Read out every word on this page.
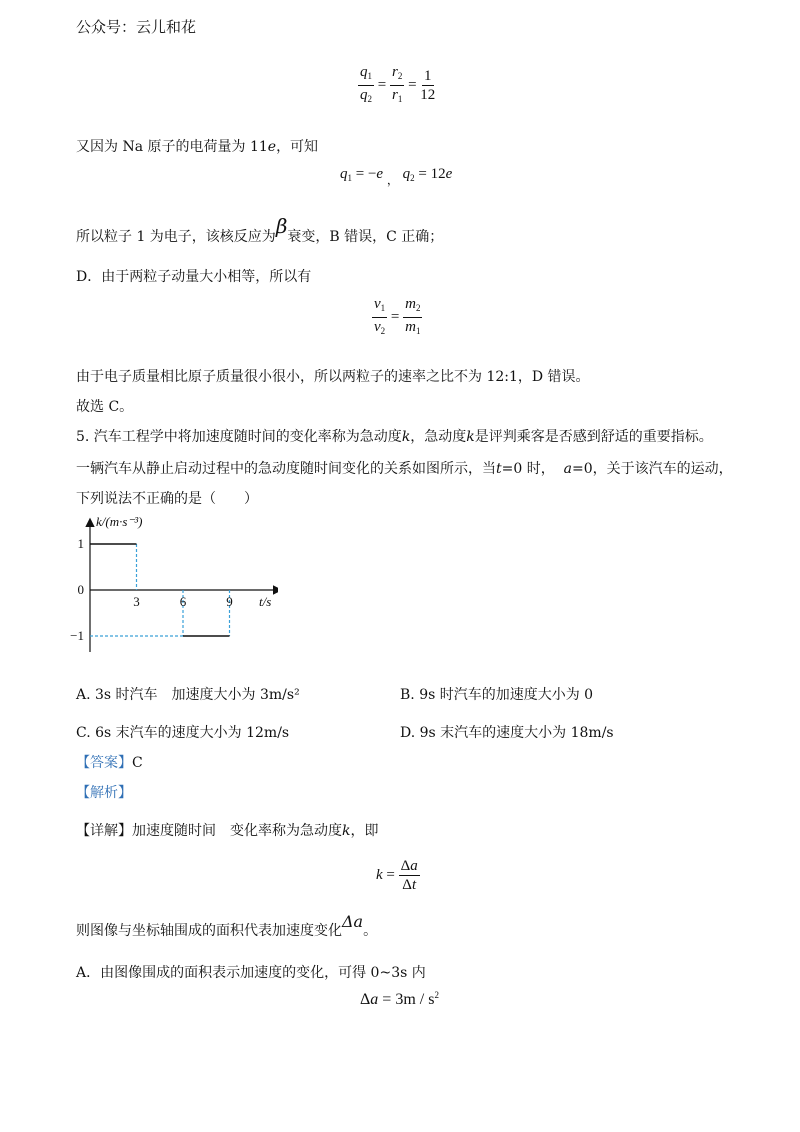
公众号：云儿和花
$\frac{q_1}{q_2} = \frac{r_2}{r_1} = \frac{1}{12}$
又因为 Na 原子的电荷量为 11e，可知
$q_1 = -e$ $_,$ $q_2 = 12e$
所以粒子 1 为电子，该核反应为β衰变，B 错误，C 正确；
D．由于两粒子动量大小相等，所以有
$\frac{v_1}{v_2} = \frac{m_2}{m_1}$
由于电子质量相比原子质量很小很小，所以两粒子的速率之比不为 12:1，D 错误。
故选 C。
5. 汽车工程学中将加速度随时间的变化率称为急动度k，急动度k是评判乘客是否感到舒适的重要指标。
一辆汽车从静止启动过程中的急动度随时间变化的关系如图所示，当t=0 时， a=0，关于该汽车的运动，
下列说法不正确的是（　　）
3	6	9
1
0
−1
k/(m·s⁻³)
t/s
A. 3s 时汽车　加速度大小为 3m/s²	B. 9s 时汽车的加速度大小为 0
C. 6s 末汽车的速度大小为 12m/s	D. 9s 末汽车的速度大小为 18m/s
【答案】C
【解析】
【详解】加速度随时间　变化率称为急动度k，即
$k = \frac{\Delta a}{\Delta t}$
则图像与坐标轴围成的面积代表加速度变化Δa。
A．由图像围成的面积表示加速度的变化，可得 0~3s 内
$\Delta a = 3m / s^2$
